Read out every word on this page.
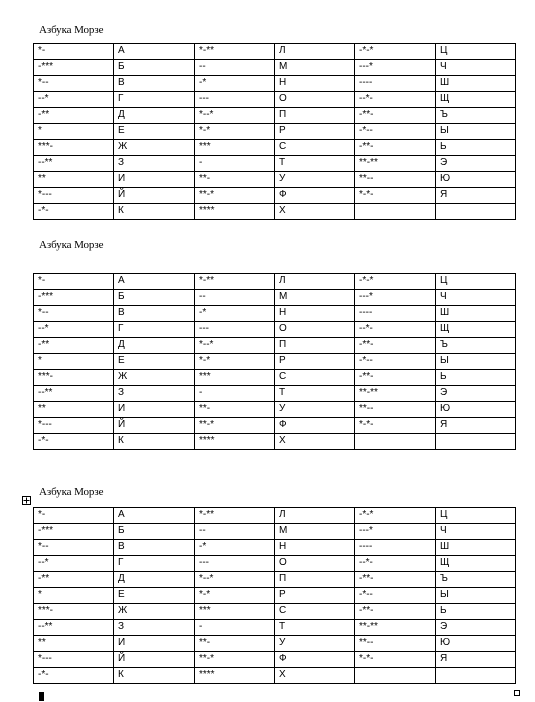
Азбука Морзе
*-	А	*-**	Л	-*-*	Ц
-***	Б	--	М	---*	Ч
*--	В	-*	Н	----	Ш
--*	Г	---	О	--*-	Щ
-**	Д	*--*	П	-**-	Ъ
*	Е	*-*	Р	-*--	Ы
***-	Ж	***	С	-**-	Ь
--**	З	-	Т	**-**	Э
**	И	**-	У	**--	Ю
*---	Й	**-*	Ф	*-*-	Я
-*-	К	****	Х		
Азбука Морзе
*-	А	*-**	Л	-*-*	Ц
-***	Б	--	М	---*	Ч
*--	В	-*	Н	----	Ш
--*	Г	---	О	--*-	Щ
-**	Д	*--*	П	-**-	Ъ
*	Е	*-*	Р	-*--	Ы
***-	Ж	***	С	-**-	Ь
--**	З	-	Т	**-**	Э
**	И	**-	У	**--	Ю
*---	Й	**-*	Ф	*-*-	Я
-*-	К	****	Х		
Азбука Морзе
*-	А	*-**	Л	-*-*	Ц
-***	Б	--	М	---*	Ч
*--	В	-*	Н	----	Ш
--*	Г	---	О	--*-	Щ
-**	Д	*--*	П	-**-	Ъ
*	Е	*-*	Р	-*--	Ы
***-	Ж	***	С	-**-	Ь
--**	З	-	Т	**-**	Э
**	И	**-	У	**--	Ю
*---	Й	**-*	Ф	*-*-	Я
-*-	К	****	Х		
